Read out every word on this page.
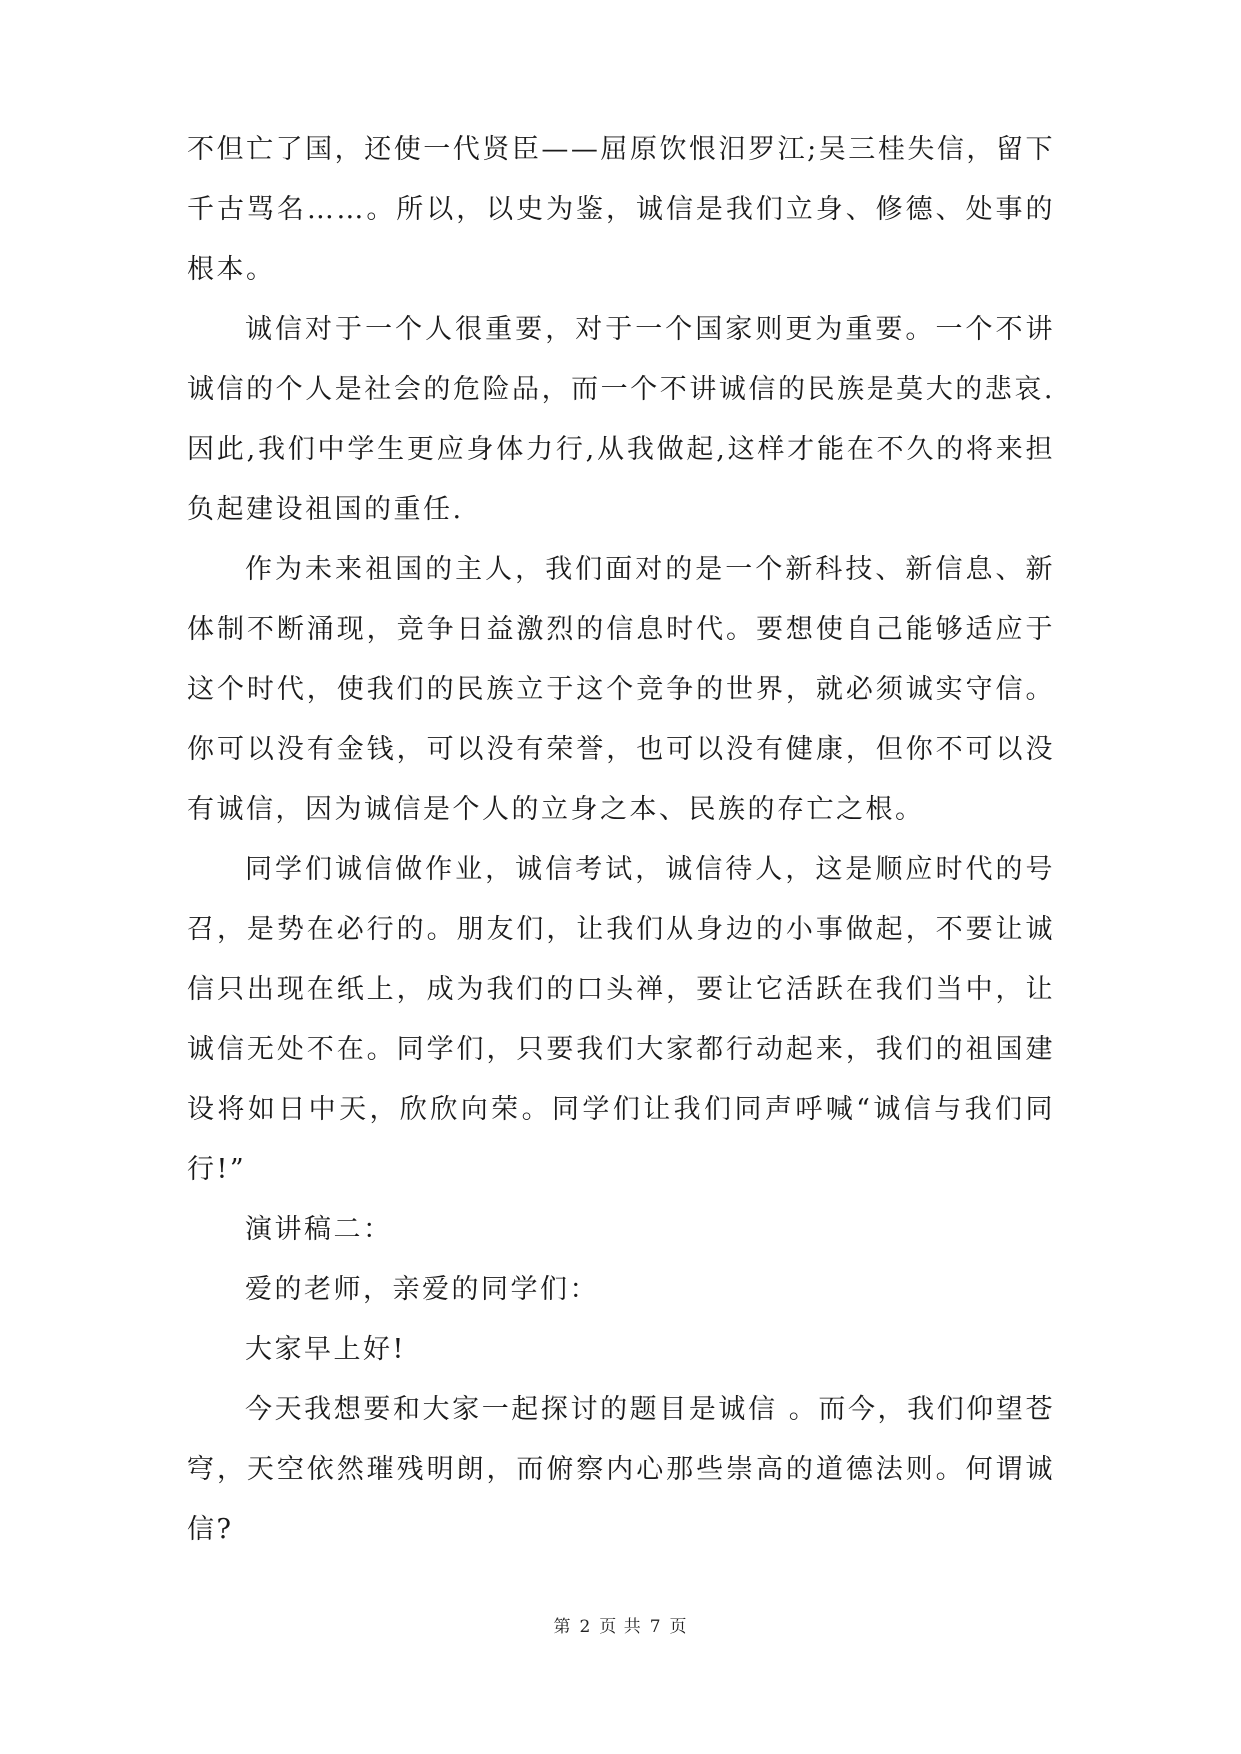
不但亡了国，还使一代贤臣——屈原饮恨汨罗江;吴三桂失信，留下千古骂名……。所以，以史为鉴，诚信是我们立身、修德、处事的根本。

诚信对于一个人很重要，对于一个国家则更为重要。一个不讲诚信的个人是社会的危险品，而一个不讲诚信的民族是莫大的悲哀.因此,我们中学生更应身体力行,从我做起,这样才能在不久的将来担负起建设祖国的重任.

作为未来祖国的主人，我们面对的是一个新科技、新信息、新体制不断涌现，竞争日益激烈的信息时代。要想使自己能够适应于这个时代，使我们的民族立于这个竞争的世界，就必须诚实守信。你可以没有金钱，可以没有荣誉，也可以没有健康，但你不可以没有诚信，因为诚信是个人的立身之本、民族的存亡之根。

同学们诚信做作业，诚信考试，诚信待人，这是顺应时代的号召，是势在必行的。朋友们，让我们从身边的小事做起，不要让诚信只出现在纸上，成为我们的口头禅，要让它活跃在我们当中，让诚信无处不在。同学们，只要我们大家都行动起来，我们的祖国建设将如日中天，欣欣向荣。同学们让我们同声呼喊“诚信与我们同行!”

演讲稿二：

爱的老师，亲爱的同学们：

大家早上好!

今天我想要和大家一起探讨的题目是诚信 。而今，我们仰望苍穹，天空依然璀残明朗，而俯察内心那些崇高的道德法则。何谓诚信?

第 2 页 共 7 页
